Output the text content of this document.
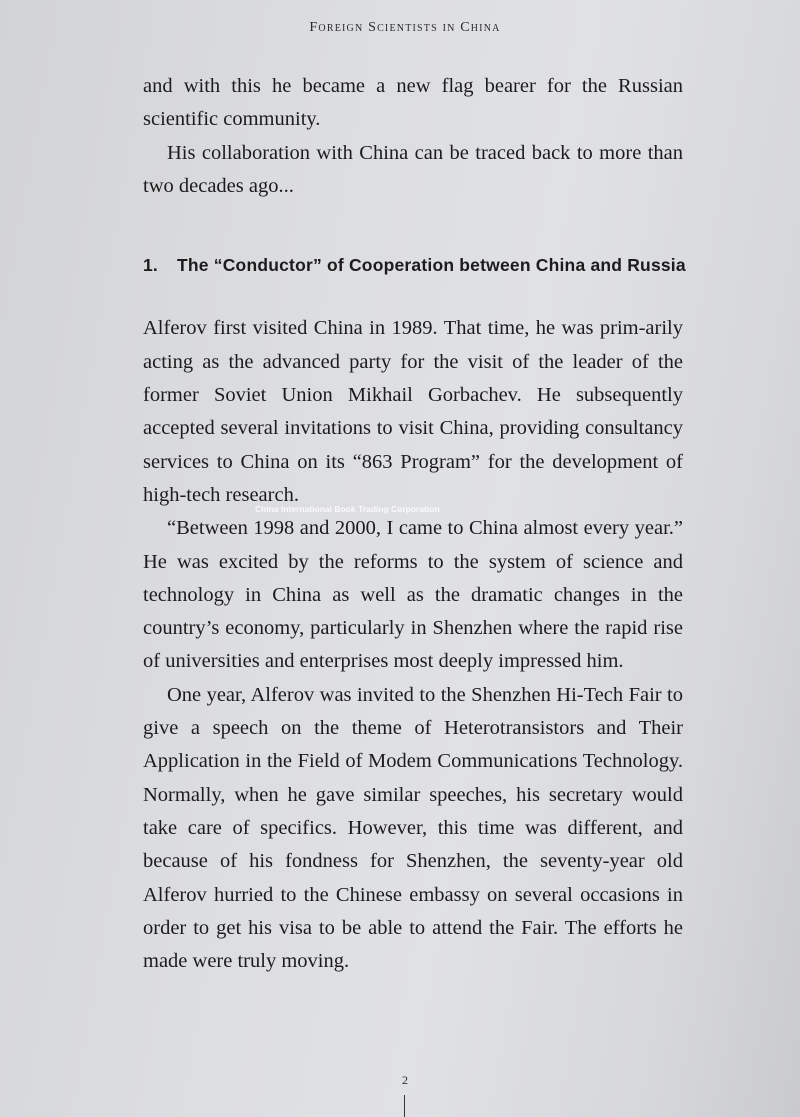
Foreign Scientists in China

and with this he became a new flag bearer for the Russian scientific community.

His collaboration with China can be traced back to more than two decades ago...

1. The “Conductor” of Cooperation between China and Russia

Alferov first visited China in 1989. That time, he was prim-arily acting as the advanced party for the visit of the leader of the former Soviet Union Mikhail Gorbachev. He subsequently accepted several invitations to visit China, providing consultancy services to China on its “863 Program” for the development of high-tech research.

“Between 1998 and 2000, I came to China almost every year.” He was excited by the reforms to the system of science and technology in China as well as the dramatic changes in the country’s economy, particularly in Shenzhen where the rapid rise of universities and enterprises most deeply impressed him.

One year, Alferov was invited to the Shenzhen Hi-Tech Fair to give a speech on the theme of Heterotransistors and Their Application in the Field of Modem Communications Technology. Normally, when he gave similar speeches, his secretary would take care of specifics. However, this time was different, and because of his fondness for Shenzhen, the seventy-year old Alferov hurried to the Chinese embassy on several occasions in order to get his visa to be able to attend the Fair. The efforts he made were truly moving.

China International Book Trading Corporation
2
